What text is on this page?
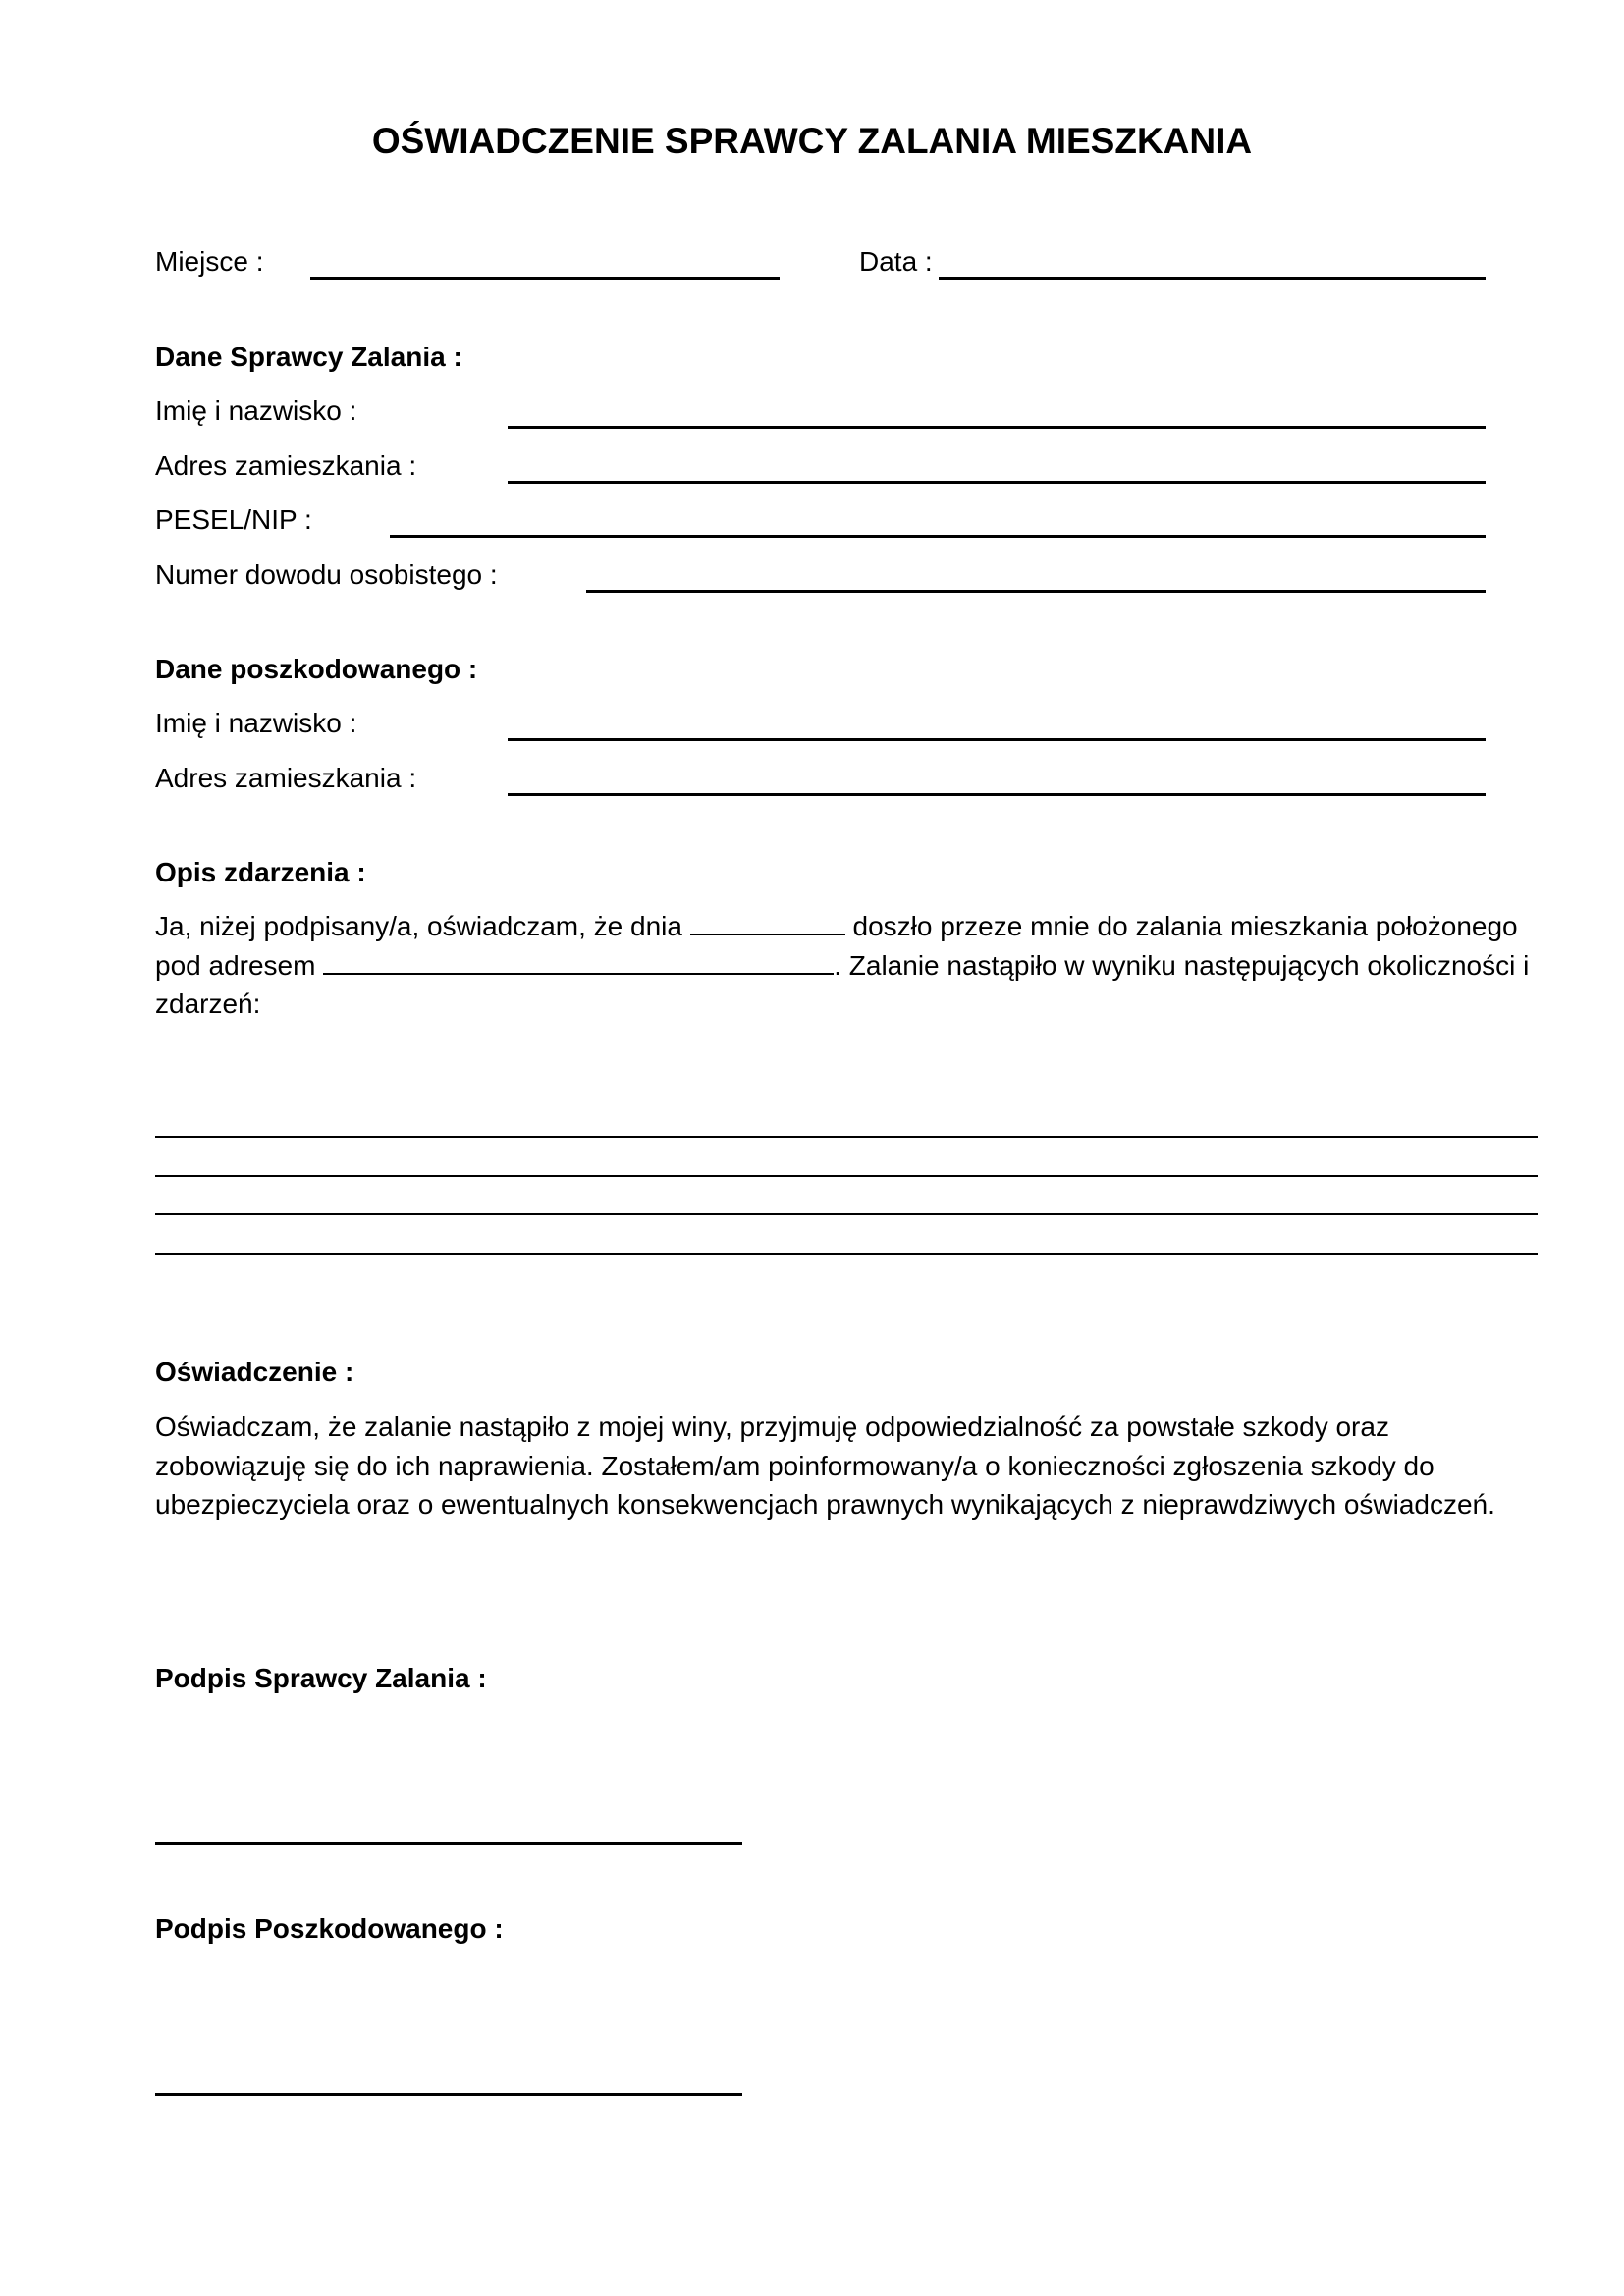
OŚWIADCZENIE SPRAWCY ZALANIA MIESZKANIA
Miejsce :	Data :
Dane Sprawcy Zalania :
Imię i nazwisko :
Adres zamieszkania :
PESEL/NIP :
Numer dowodu osobistego :
Dane poszkodowanego :
Imię i nazwisko :
Adres zamieszkania :
Opis zdarzenia :
Ja, niżej podpisany/a, oświadczam, że dnia	doszło przeze mnie do zalania mieszkania położonego pod adresem	. Zalanie nastąpiło w wyniku następujących okoliczności i zdarzeń:
Oświadczenie :
Oświadczam, że zalanie nastąpiło z mojej winy, przyjmuję odpowiedzialność za powstałe szkody oraz zobowiązuję się do ich naprawienia. Zostałem/am poinformowany/a o konieczności zgłoszenia szkody do ubezpieczyciela oraz o ewentualnych konsekwencjach prawnych wynikających z nieprawdziwych oświadczeń.
Podpis Sprawcy Zalania :
Podpis Poszkodowanego :
